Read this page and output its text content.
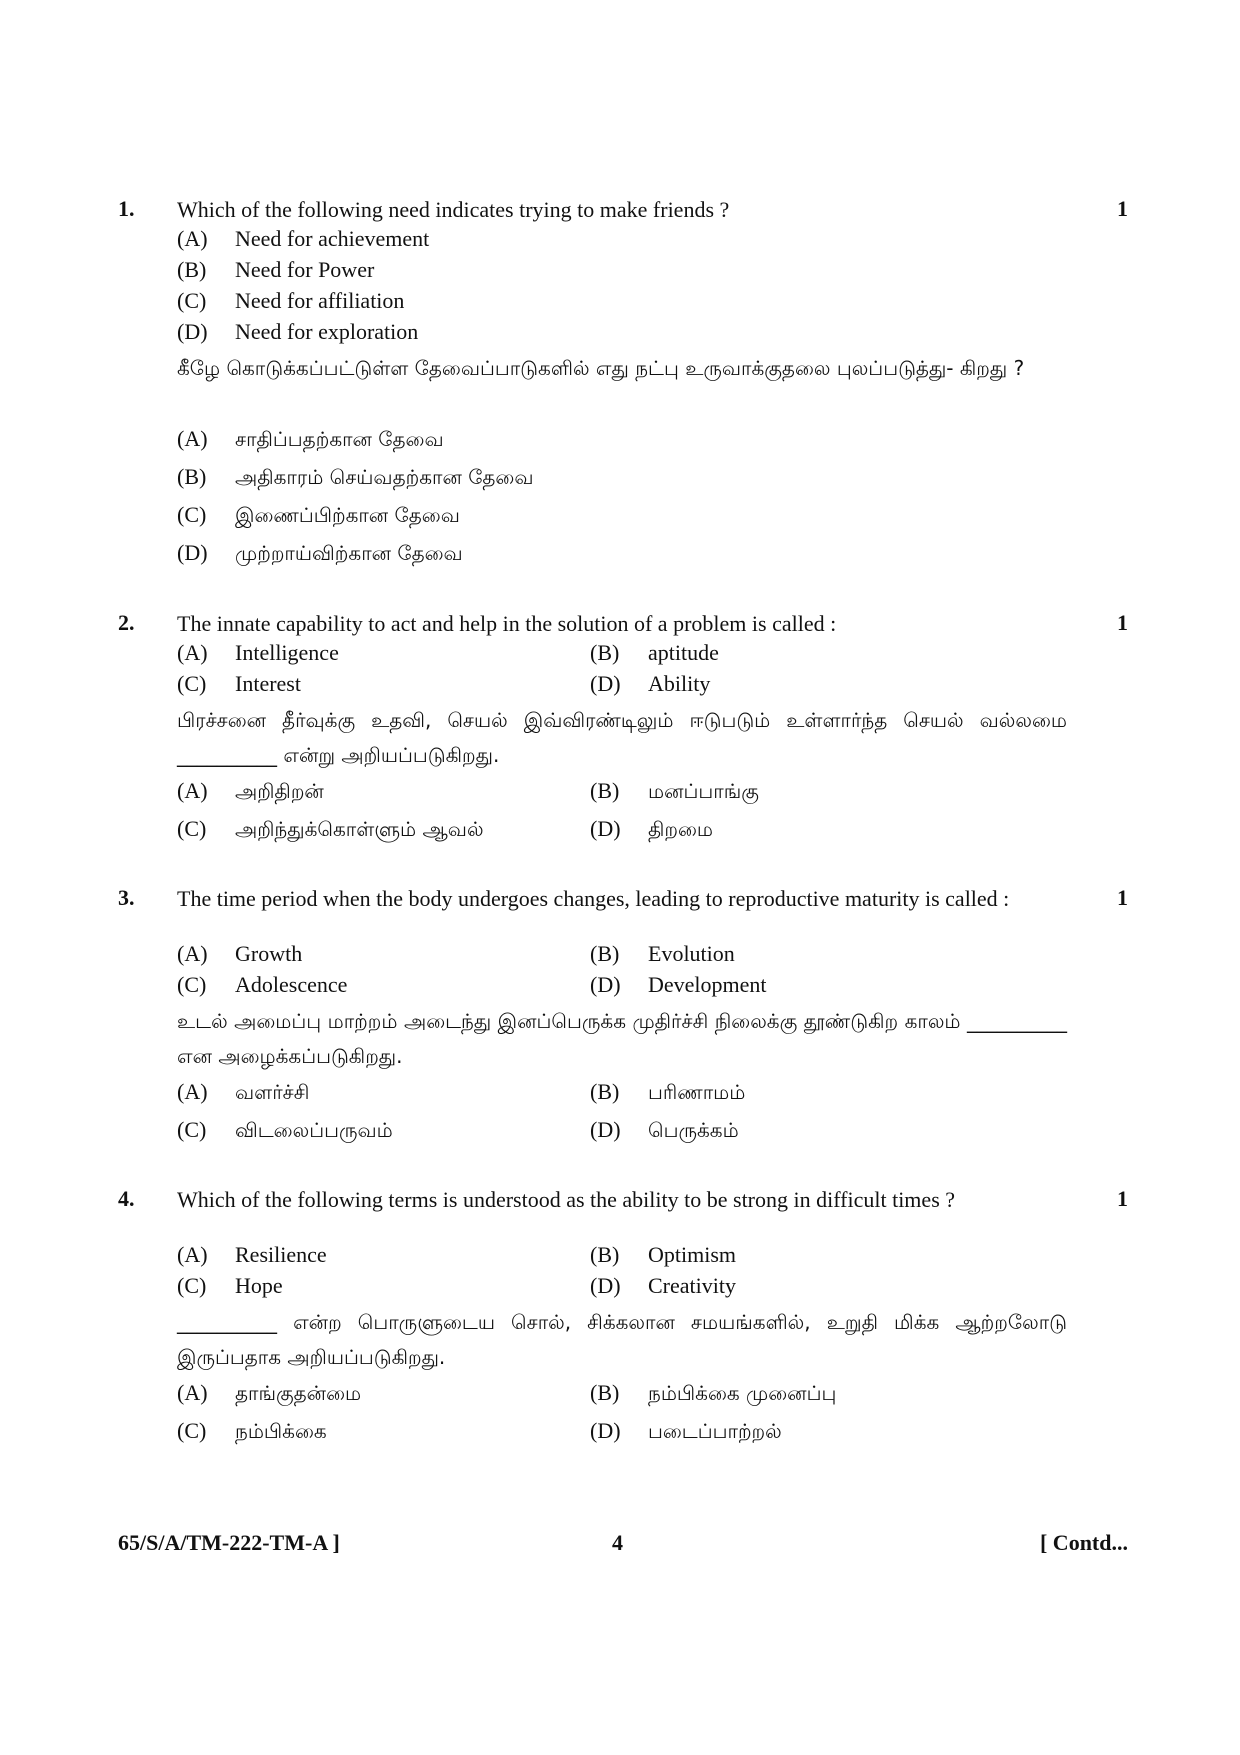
1. Which of the following need indicates trying to make friends ?	1
(A) Need for achievement
(B) Need for Power
(C) Need for affiliation
(D) Need for exploration
கீழே கொடுக்கப்பட்டுள்ள தேவைப்பாடுகளில் எது நட்பு உருவாக்குதலை புலப்படுத்து- கிறது ?
(A) சாதிப்பதற்கான தேவை
(B) அதிகாரம் செய்வதற்கான தேவை
(C) இணைப்பிற்கான தேவை
(D) முற்றாய்விற்கான தேவை
2. The innate capability to act and help in the solution of a problem is called :	1
(A) Intelligence	(B) aptitude
(C) Interest	(D) Ability
பிரச்சனை தீர்வுக்கு உதவி, செயல் இவ்விரண்டிலும் ஈடுபடும் உள்ளார்ந்த செயல் வல்லமை __________ என்று அறியப்படுகிறது.
(A) அறிதிறன்	(B) மனப்பாங்கு
(C) அறிந்துக்கொள்ளும் ஆவல்	(D) திறமை
3. The time period when the body undergoes changes, leading to reproductive maturity is called :	1
(A) Growth	(B) Evolution
(C) Adolescence	(D) Development
உடல் அமைப்பு மாற்றம் அடைந்து இனப்பெருக்க முதிர்ச்சி நிலைக்கு தூண்டுகிற காலம் __________ என அழைக்கப்படுகிறது.
(A) வளர்ச்சி	(B) பரிணாமம்
(C) விடலைப்பருவம்	(D) பெருக்கம்
4. Which of the following terms is understood as the ability to be strong in difficult times ?	1
(A) Resilience	(B) Optimism
(C) Hope	(D) Creativity
__________ என்ற பொருளுடைய சொல், சிக்கலான சமயங்களில், உறுதி மிக்க ஆற்றலோடு இருப்பதாக அறியப்படுகிறது.
(A) தாங்குதன்மை	(B) நம்பிக்கை முனைப்பு
(C) நம்பிக்கை	(D) படைப்பாற்றல்
65/S/A/TM-222-TM-A ]	4	[ Contd...
